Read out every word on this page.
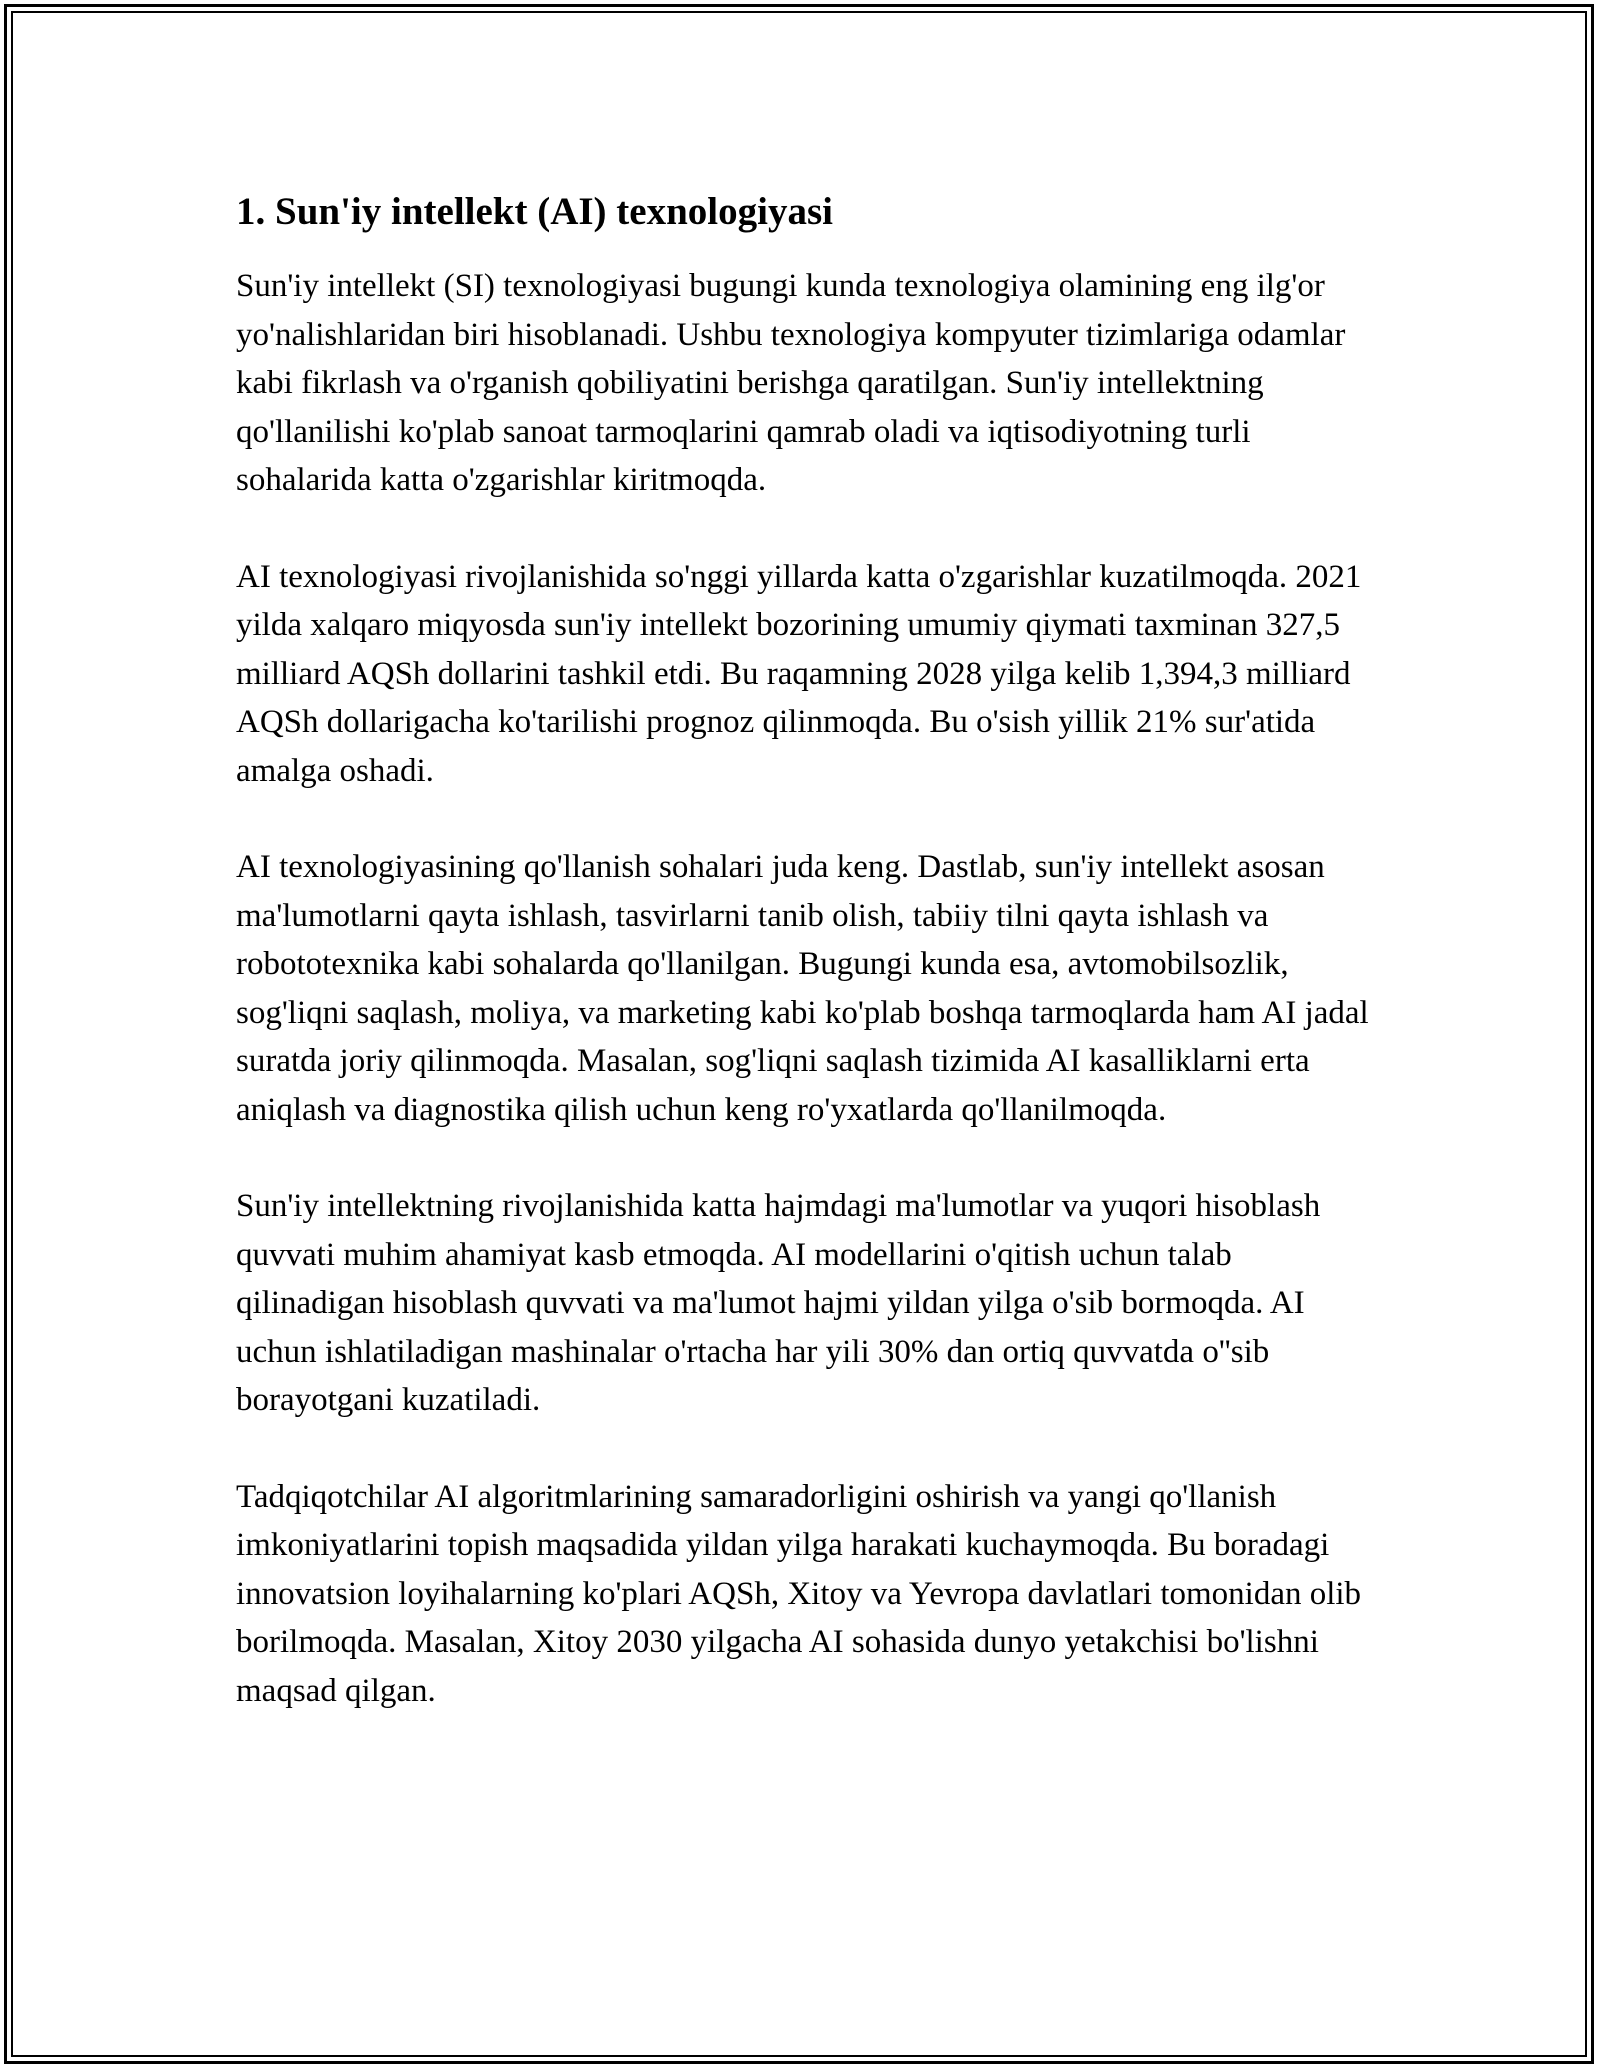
1. Sun'iy intellekt (AI) texnologiyasi

Sun'iy intellekt (SI) texnologiyasi bugungi kunda texnologiya olamining eng ilg'or yo'nalishlaridan biri hisoblanadi. Ushbu texnologiya kompyuter tizimlariga odamlar kabi fikrlash va o'rganish qobiliyatini berishga qaratilgan. Sun'iy intellektning qo'llanilishi ko'plab sanoat tarmoqlarini qamrab oladi va iqtisodiyotning turli sohalarida katta o'zgarishlar kiritmoqda.

AI texnologiyasi rivojlanishida so'nggi yillarda katta o'zgarishlar kuzatilmoqda. 2021 yilda xalqaro miqyosda sun'iy intellekt bozorining umumiy qiymati taxminan 327,5 milliard AQSh dollarini tashkil etdi. Bu raqamning 2028 yilga kelib 1,394,3 milliard AQSh dollarigacha ko'tarilishi prognoz qilinmoqda. Bu o'sish yillik 21% sur'atida amalga oshadi.

AI texnologiyasining qo'llanish sohalari juda keng. Dastlab, sun'iy intellekt asosan ma'lumotlarni qayta ishlash, tasvirlarni tanib olish, tabiiy tilni qayta ishlash va robototexnika kabi sohalarda qo'llanilgan. Bugungi kunda esa, avtomobilsozlik, sog'liqni saqlash, moliya, va marketing kabi ko'plab boshqa tarmoqlarda ham AI jadal suratda joriy qilinmoqda. Masalan, sog'liqni saqlash tizimida AI kasalliklarni erta aniqlash va diagnostika qilish uchun keng ro'yxatlarda qo'llanilmoqda.

Sun'iy intellektning rivojlanishida katta hajmdagi ma'lumotlar va yuqori hisoblash quvvati muhim ahamiyat kasb etmoqda. AI modellarini o'qitish uchun talab qilinadigan hisoblash quvvati va ma'lumot hajmi yildan yilga o'sib bormoqda. AI uchun ishlatiladigan mashinalar o'rtacha har yili 30% dan ortiq quvvatda o''sib borayotgani kuzatiladi.

Tadqiqotchilar AI algoritmlarining samaradorligini oshirish va yangi qo'llanish imkoniyatlarini topish maqsadida yildan yilga harakati kuchaymoqda. Bu boradagi innovatsion loyihalarning ko'plari AQSh, Xitoy va Yevropa davlatlari tomonidan olib borilmoqda. Masalan, Xitoy 2030 yilgacha AI sohasida dunyo yetakchisi bo'lishni maqsad qilgan.
